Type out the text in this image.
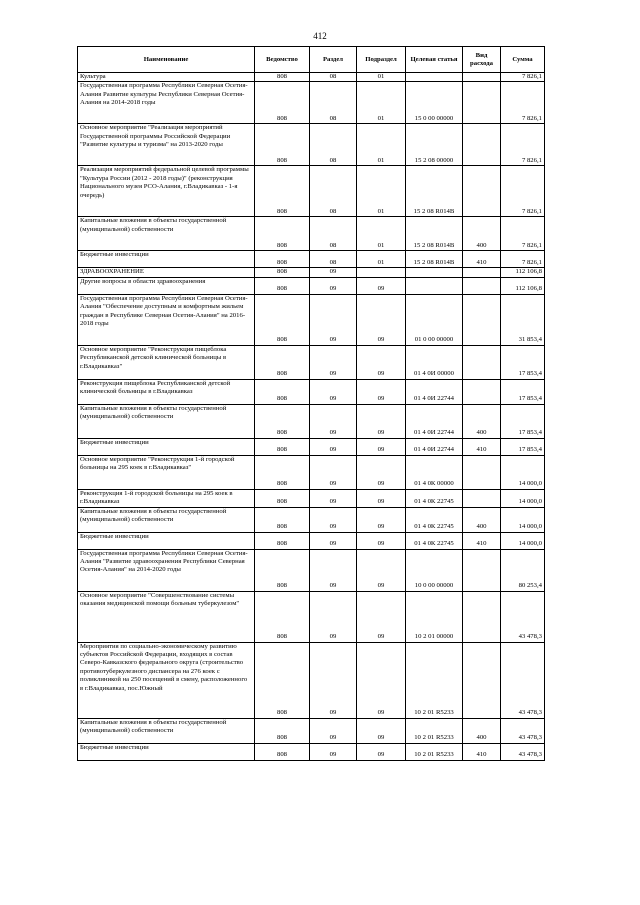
412
Наименование	Ведомство	Раздел	Подраздел	Целевая статья	Вид расхода	Сумма
Культура	808	08	01			7 826,1
Государственная программа Республики Северная Осетия-Алания Развитие культуры Республики Северная Осетия-Алания на 2014-2018 годы	808	08	01	15 0 00 00000		7 826,1
Основное мероприятие "Реализация мероприятий Государственной программы Российской Федерации "Развитие культуры и туризма" на 2013-2020 годы	808	08	01	15 2 08 00000		7 826,1
Реализация мероприятий федеральной целевой программы "Культура России (2012 - 2018 годы)" (реконструкция Национального музея РСО-Алания, г.Владикавказ - 1-я очередь)	808	08	01	15 2 08 R014В		7 826,1
Капитальные вложения в объекты государственной (муниципальной) собственности	808	08	01	15 2 08 R014В	400	7 826,1
Бюджетные инвестиции	808	08	01	15 2 08 R014В	410	7 826,1
ЗДРАВООХРАНЕНИЕ	808	09				112 106,8
Другие вопросы в области здравоохранения	808	09	09			112 106,8
Государственная программа Республики Северная Осетия-Алания "Обеспечение доступным и комфортным жильем граждан в Республике Северная Осетия-Алания" на 2016-2018 годы	808	09	09	01 0 00 00000		31 853,4
Основное мероприятие "Реконструкция пищеблока Республиканской детской клинической больницы в г.Владикавказ"	808	09	09	01 4 0И 00000		17 853,4
Реконструкция пищеблока Республиканской детской клинической больницы в г.Владикавказ	808	09	09	01 4 0И 22744		17 853,4
Капитальные вложения в объекты государственной (муниципальной) собственности	808	09	09	01 4 0И 22744	400	17 853,4
Бюджетные инвестиции	808	09	09	01 4 0И 22744	410	17 853,4
Основное мероприятие "Реконструкция 1-й городской больницы на 295 коек в г.Владикавказ"	808	09	09	01 4 0К 00000		14 000,0
Реконструкция 1-й городской больницы на 295 коек в г.Владикавказ	808	09	09	01 4 0К 22745		14 000,0
Капитальные вложения в объекты государственной (муниципальной) собственности	808	09	09	01 4 0К 22745	400	14 000,0
Бюджетные инвестиции	808	09	09	01 4 0К 22745	410	14 000,0
Государственная программа Республики Северная Осетия-Алания "Развитие здравоохранения Республики Северная Осетия-Алания" на 2014-2020 годы	808	09	09	10 0 00 00000		80 253,4
Основное мероприятие "Совершенствование системы оказания медицинской помощи больным туберкулезом"	808	09	09	10 2 01 00000		43 478,3
Мероприятия по социально-экономическому развитию субъектов Российской Федерации, входящих в состав Северо-Кавказского федерального округа (строительство противотуберкулезного диспансера на 276 коек с поликлиникой на 250 посещений в смену, расположенного в г.Владикавказ, пос.Южный	808	09	09	10 2 01 R5233		43 478,3
Капитальные вложения в объекты государственной (муниципальной) собственности	808	09	09	10 2 01 R5233	400	43 478,3
Бюджетные инвестиции	808	09	09	10 2 01 R5233	410	43 478,3
